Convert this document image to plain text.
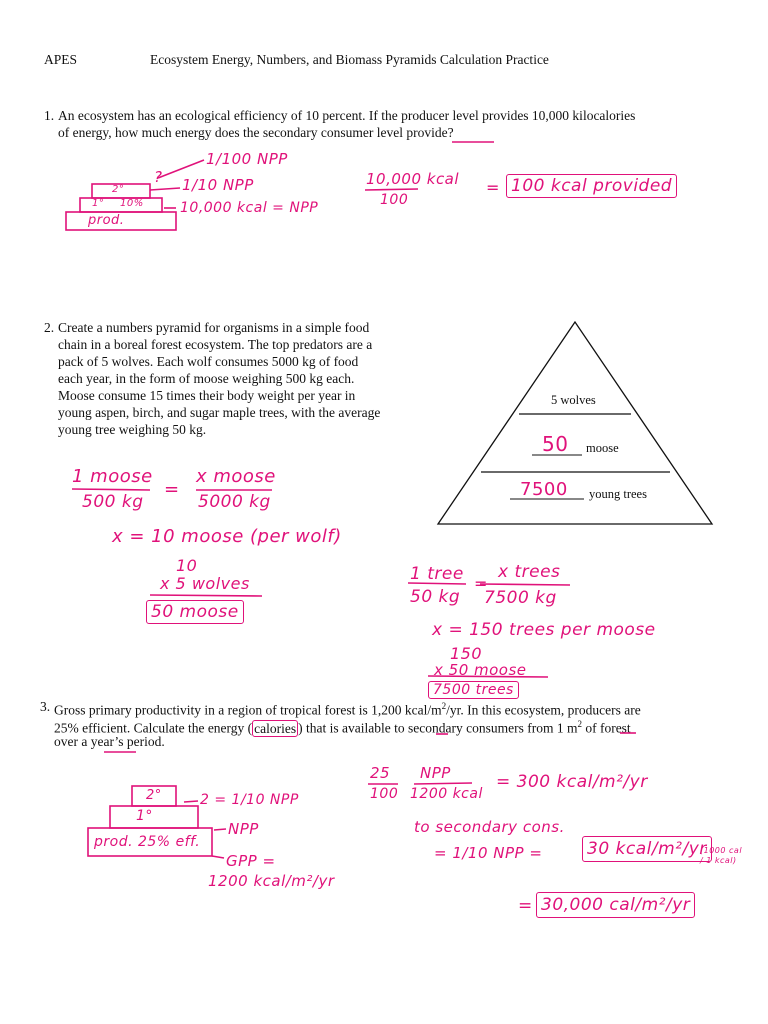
APES	Ecosystem Energy, Numbers, and Biomass Pyramids Calculation Practice
1. An ecosystem has an ecological efficiency of 10 percent. If the producer level provides 10,000 kilocalories
of energy, how much energy does the secondary consumer level provide?
1/100 NPP
? 1/10 NPP
2°
1° 10%
prod.
10,000 kcal = NPP
10,000 kcal
100
= 100 kcal provided
2. Create a numbers pyramid for organisms in a simple food
chain in a boreal forest ecosystem. The top predators are a
pack of 5 wolves. Each wolf consumes 5000 kg of food
each year, in the form of moose weighing 500 kg each.
Moose consume 15 times their body weight per year in
young aspen, birch, and sugar maple trees, with the average
young tree weighing 50 kg.
5 wolves
moose
young trees
50
7500
1 moose
500 kg
=
x moose
5000 kg
x = 10 moose (per wolf)
10
x 5 wolves
50 moose
1 tree
50 kg
=
x trees
7500 kg
x = 150 trees per moose
150
x 50 moose
7500 trees
3. Gross primary productivity in a region of tropical forest is 1,200 kcal/$m^2/yr$. In this ecosystem, producers are
25% efficient. Calculate the energy ( calories ) that is available to secondary consumers from 1 $m^2$ of forest
over a year’s period.
2°
1°
prod. 25% eff.
2 = 1/10 NPP
NPP
GPP =
1200 kcal/m²/yr
25
100
NPP
1200 kcal
= 300 kcal/m²/yr
to secondary cons.
= 1/10 NPP =	30 kcal/m²/yr
(1000 cal / 1 kcal)
30,000 cal/m²/yr
=
